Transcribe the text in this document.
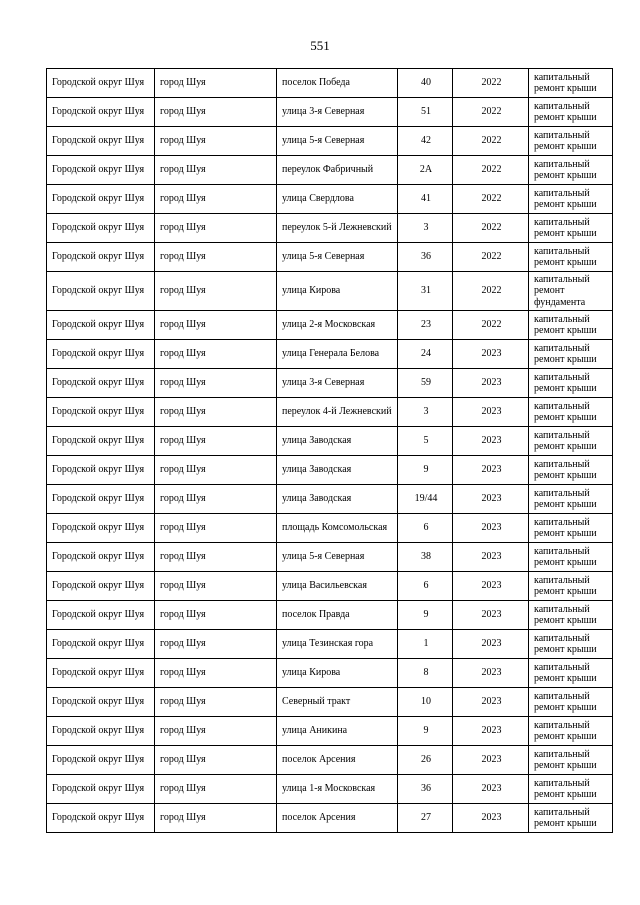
551
Городской округ Шуя	город Шуя	поселок Победа	40	2022	капитальный ремонт крыши
Городской округ Шуя	город Шуя	улица 3-я Северная	51	2022	капитальный ремонт крыши
Городской округ Шуя	город Шуя	улица 5-я Северная	42	2022	капитальный ремонт крыши
Городской округ Шуя	город Шуя	переулок Фабричный	2А	2022	капитальный ремонт крыши
Городской округ Шуя	город Шуя	улица Свердлова	41	2022	капитальный ремонт крыши
Городской округ Шуя	город Шуя	переулок 5-й Лежневский	3	2022	капитальный ремонт крыши
Городской округ Шуя	город Шуя	улица 5-я Северная	36	2022	капитальный ремонт крыши
Городской округ Шуя	город Шуя	улица Кирова	31	2022	капитальный ремонт фундамента
Городской округ Шуя	город Шуя	улица 2-я Московская	23	2022	капитальный ремонт крыши
Городской округ Шуя	город Шуя	улица Генерала Белова	24	2023	капитальный ремонт крыши
Городской округ Шуя	город Шуя	улица 3-я Северная	59	2023	капитальный ремонт крыши
Городской округ Шуя	город Шуя	переулок 4-й Лежневский	3	2023	капитальный ремонт крыши
Городской округ Шуя	город Шуя	улица Заводская	5	2023	капитальный ремонт крыши
Городской округ Шуя	город Шуя	улица Заводская	9	2023	капитальный ремонт крыши
Городской округ Шуя	город Шуя	улица Заводская	19/44	2023	капитальный ремонт крыши
Городской округ Шуя	город Шуя	площадь Комсомольская	6	2023	капитальный ремонт крыши
Городской округ Шуя	город Шуя	улица 5-я Северная	38	2023	капитальный ремонт крыши
Городской округ Шуя	город Шуя	улица Васильевская	6	2023	капитальный ремонт крыши
Городской округ Шуя	город Шуя	поселок Правда	9	2023	капитальный ремонт крыши
Городской округ Шуя	город Шуя	улица Тезинская гора	1	2023	капитальный ремонт крыши
Городской округ Шуя	город Шуя	улица Кирова	8	2023	капитальный ремонт крыши
Городской округ Шуя	город Шуя	Северный тракт	10	2023	капитальный ремонт крыши
Городской округ Шуя	город Шуя	улица Аникина	9	2023	капитальный ремонт крыши
Городской округ Шуя	город Шуя	поселок Арсения	26	2023	капитальный ремонт крыши
Городской округ Шуя	город Шуя	улица 1-я Московская	36	2023	капитальный ремонт крыши
Городской округ Шуя	город Шуя	поселок Арсения	27	2023	капитальный ремонт крыши
